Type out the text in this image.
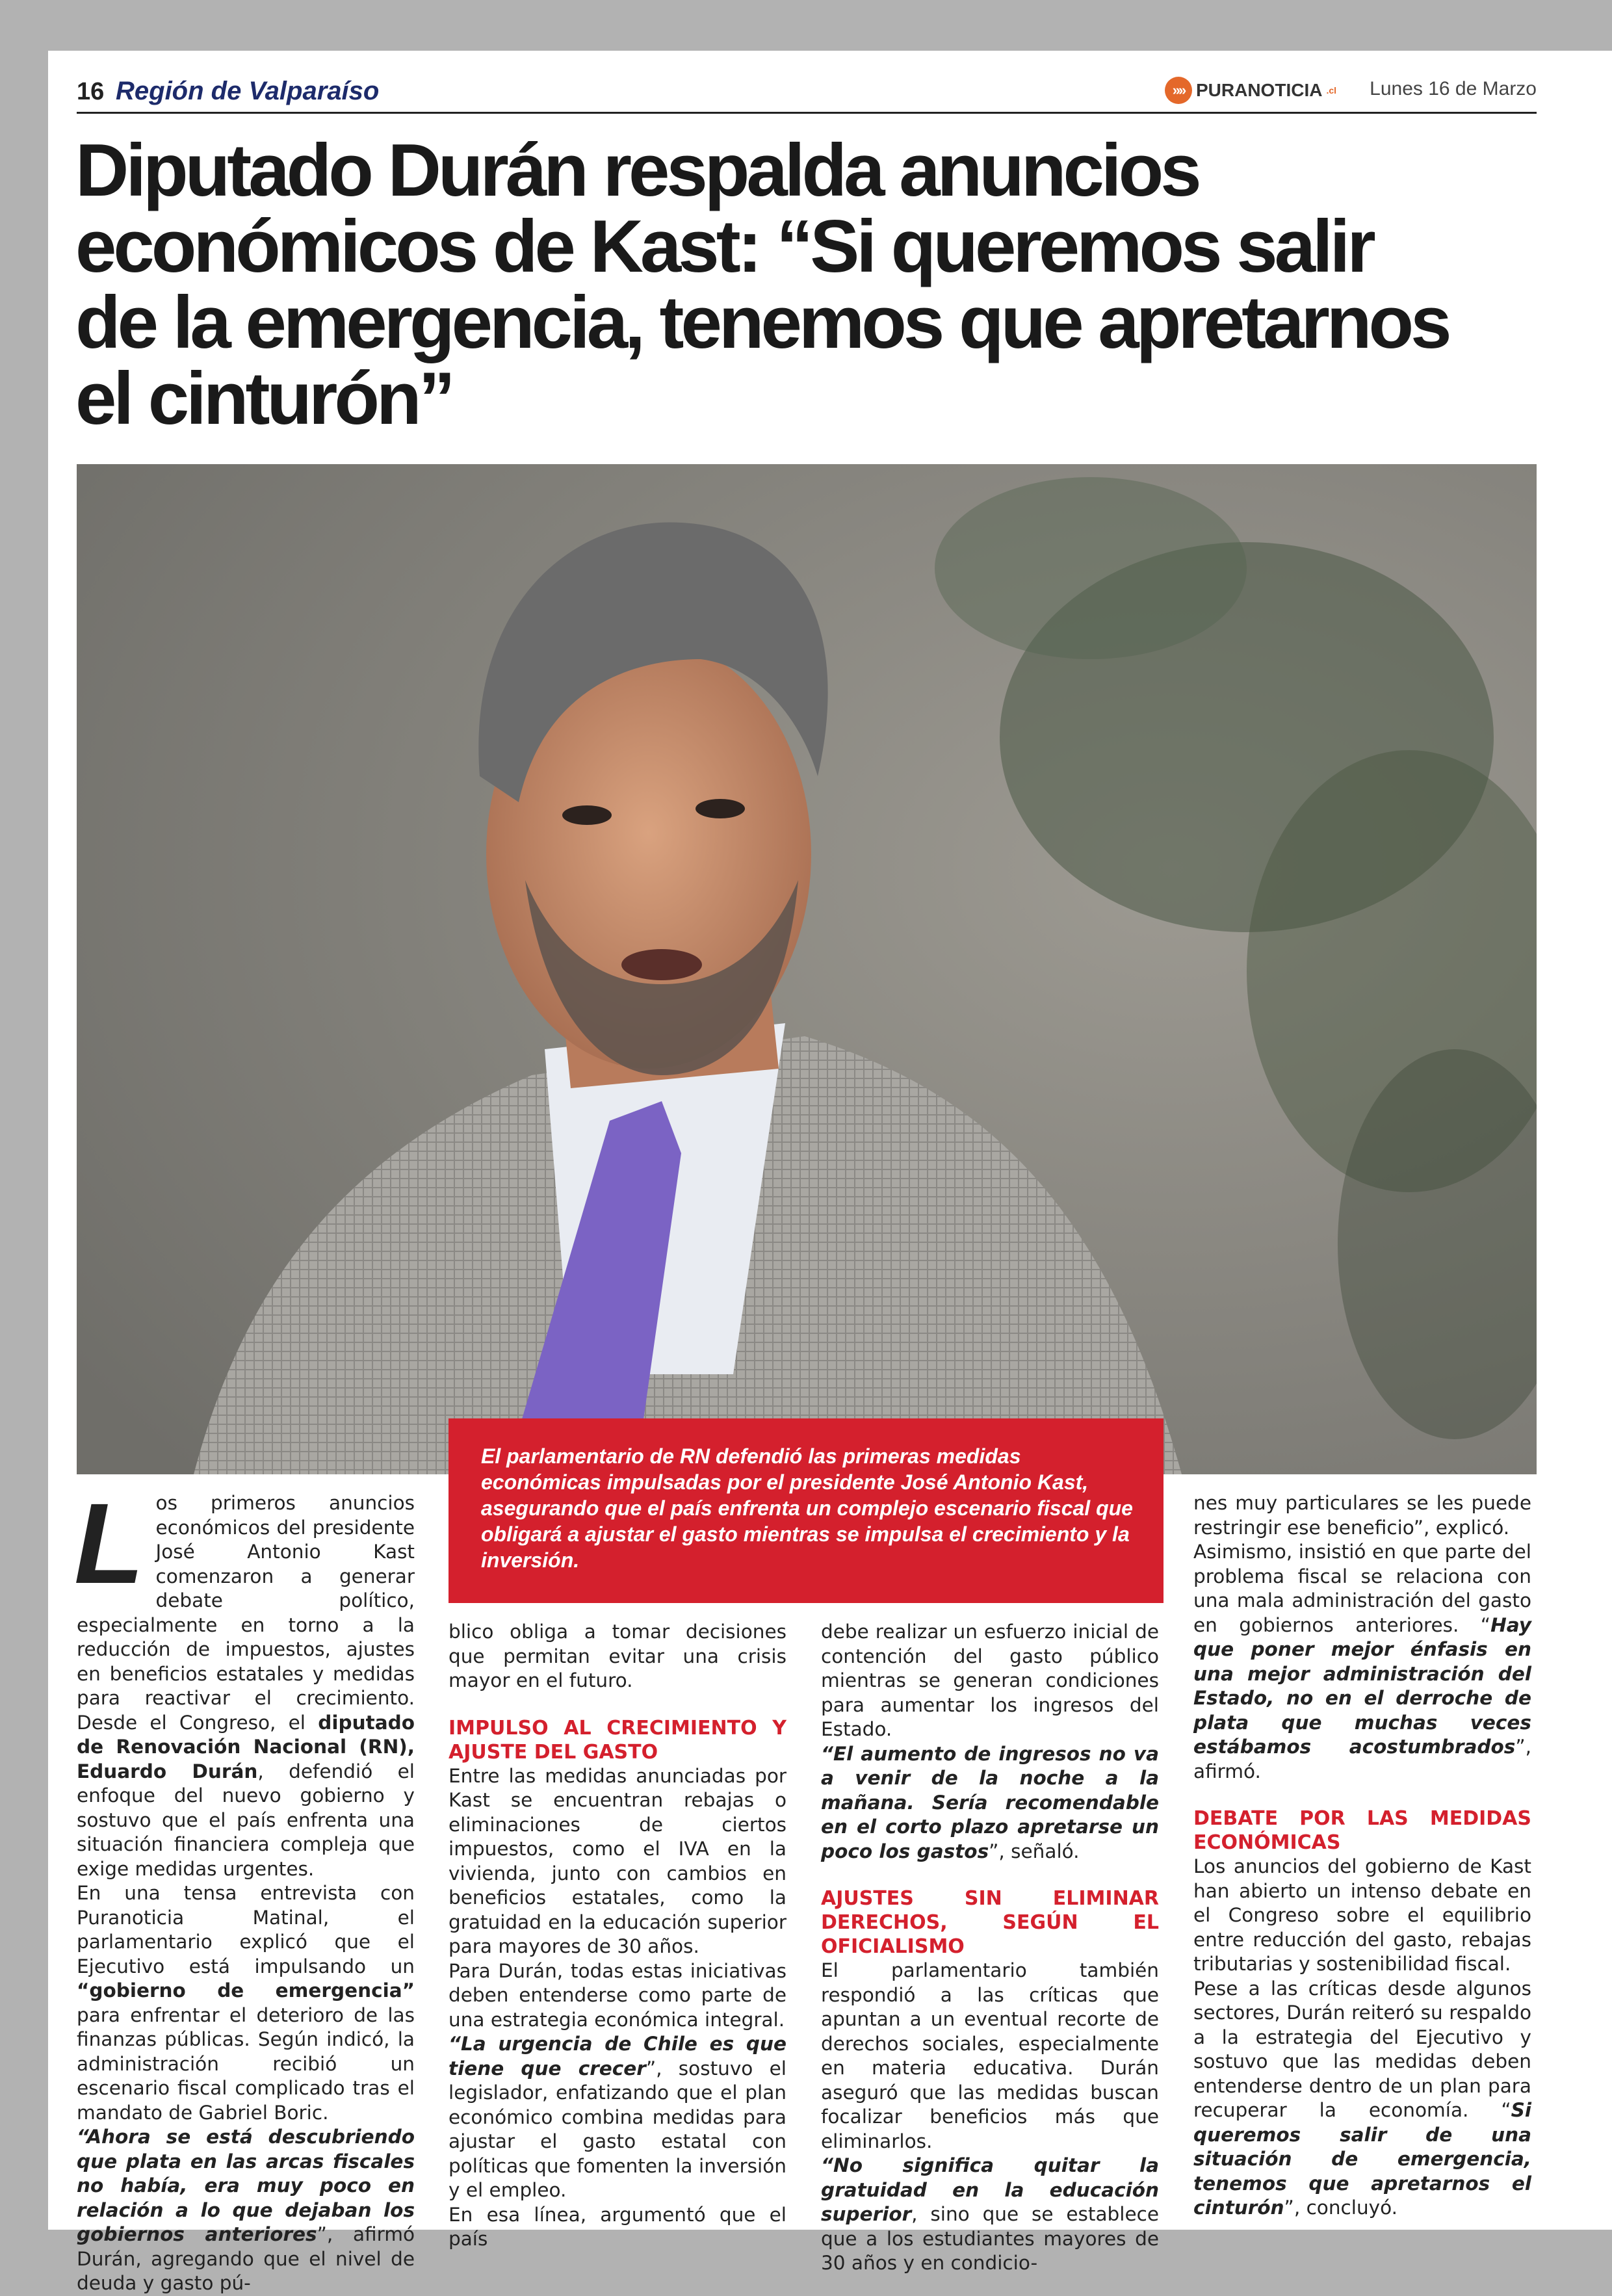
16 Región de Valparaíso	»» PURANOTICIA .cl Lunes 16 de Marzo
Diputado Durán respalda anuncios económicos de Kast: “Si queremos salir de la emergencia, tenemos que apretarnos el cinturón”

El parlamentario de RN defendió las primeras medidas económicas impulsadas por el presidente José Antonio Kast, asegurando que el país enfrenta un complejo escenario fiscal que obligará a ajustar el gasto mientras se impulsa el crecimiento y la inversión.

Los primeros anuncios económicos del presidente José Antonio Kast comenzaron a generar debate político, especialmente en torno a la reducción de impuestos, ajustes en beneficios estatales y medidas para reactivar el crecimiento. Desde el Congreso, el diputado de Renovación Nacional (RN), Eduardo Durán, defendió el enfoque del nuevo gobierno y sostuvo que el país enfrenta una situación financiera compleja que exige medidas urgentes.

En una tensa entrevista con Puranoticia Matinal, el parlamentario explicó que el Ejecutivo está impulsando un “gobierno de emergencia” para enfrentar el deterioro de las finanzas públicas. Según indicó, la administración recibió un escenario fiscal complicado tras el mandato de Gabriel Boric.

“Ahora se está descubriendo que plata en las arcas fiscales no había, era muy poco en relación a lo que dejaban los gobiernos anteriores”, afirmó Durán, agregando que el nivel de deuda y gasto pú-

blico obliga a tomar decisiones que permitan evitar una crisis mayor en el futuro.

IMPULSO AL CRECIMIENTO Y AJUSTE DEL GASTO

Entre las medidas anunciadas por Kast se encuentran rebajas o eliminaciones de ciertos impuestos, como el IVA en la vivienda, junto con cambios en beneficios estatales, como la gratuidad en la educación superior para mayores de 30 años.

Para Durán, todas estas iniciativas deben entenderse como parte de una estrategia económica integral.

“La urgencia de Chile es que tiene que crecer”, sostuvo el legislador, enfatizando que el plan económico combina medidas para ajustar el gasto estatal con políticas que fomenten la inversión y el empleo.

En esa línea, argumentó que el país

debe realizar un esfuerzo inicial de contención del gasto público mientras se generan condiciones para aumentar los ingresos del Estado.

“El aumento de ingresos no va a venir de la noche a la mañana. Sería recomendable en el corto plazo apretarse un poco los gastos”, señaló.

AJUSTES SIN ELIMINAR DERECHOS, SEGÚN EL OFICIALISMO

El parlamentario también respondió a las críticas que apuntan a un eventual recorte de derechos sociales, especialmente en materia educativa. Durán aseguró que las medidas buscan focalizar beneficios más que eliminarlos.

“No significa quitar la gratuidad en la educación superior, sino que se establece que a los estudiantes mayores de 30 años y en condicio-

nes muy particulares se les puede restringir ese beneficio”, explicó.

Asimismo, insistió en que parte del problema fiscal se relaciona con una mala administración del gasto en gobiernos anteriores. “Hay que poner mejor énfasis en una mejor administración del Estado, no en el derroche de plata que muchas veces estábamos acostumbrados”, afirmó.

DEBATE POR LAS MEDIDAS ECONÓMICAS

Los anuncios del gobierno de Kast han abierto un intenso debate en el Congreso sobre el equilibrio entre reducción del gasto, rebajas tributarias y sostenibilidad fiscal.

Pese a las críticas desde algunos sectores, Durán reiteró su respaldo a la estrategia del Ejecutivo y sostuvo que las medidas deben entenderse dentro de un plan para recuperar la economía. “Si queremos salir de una situación de emergencia, tenemos que apretarnos el cinturón”, concluyó.
